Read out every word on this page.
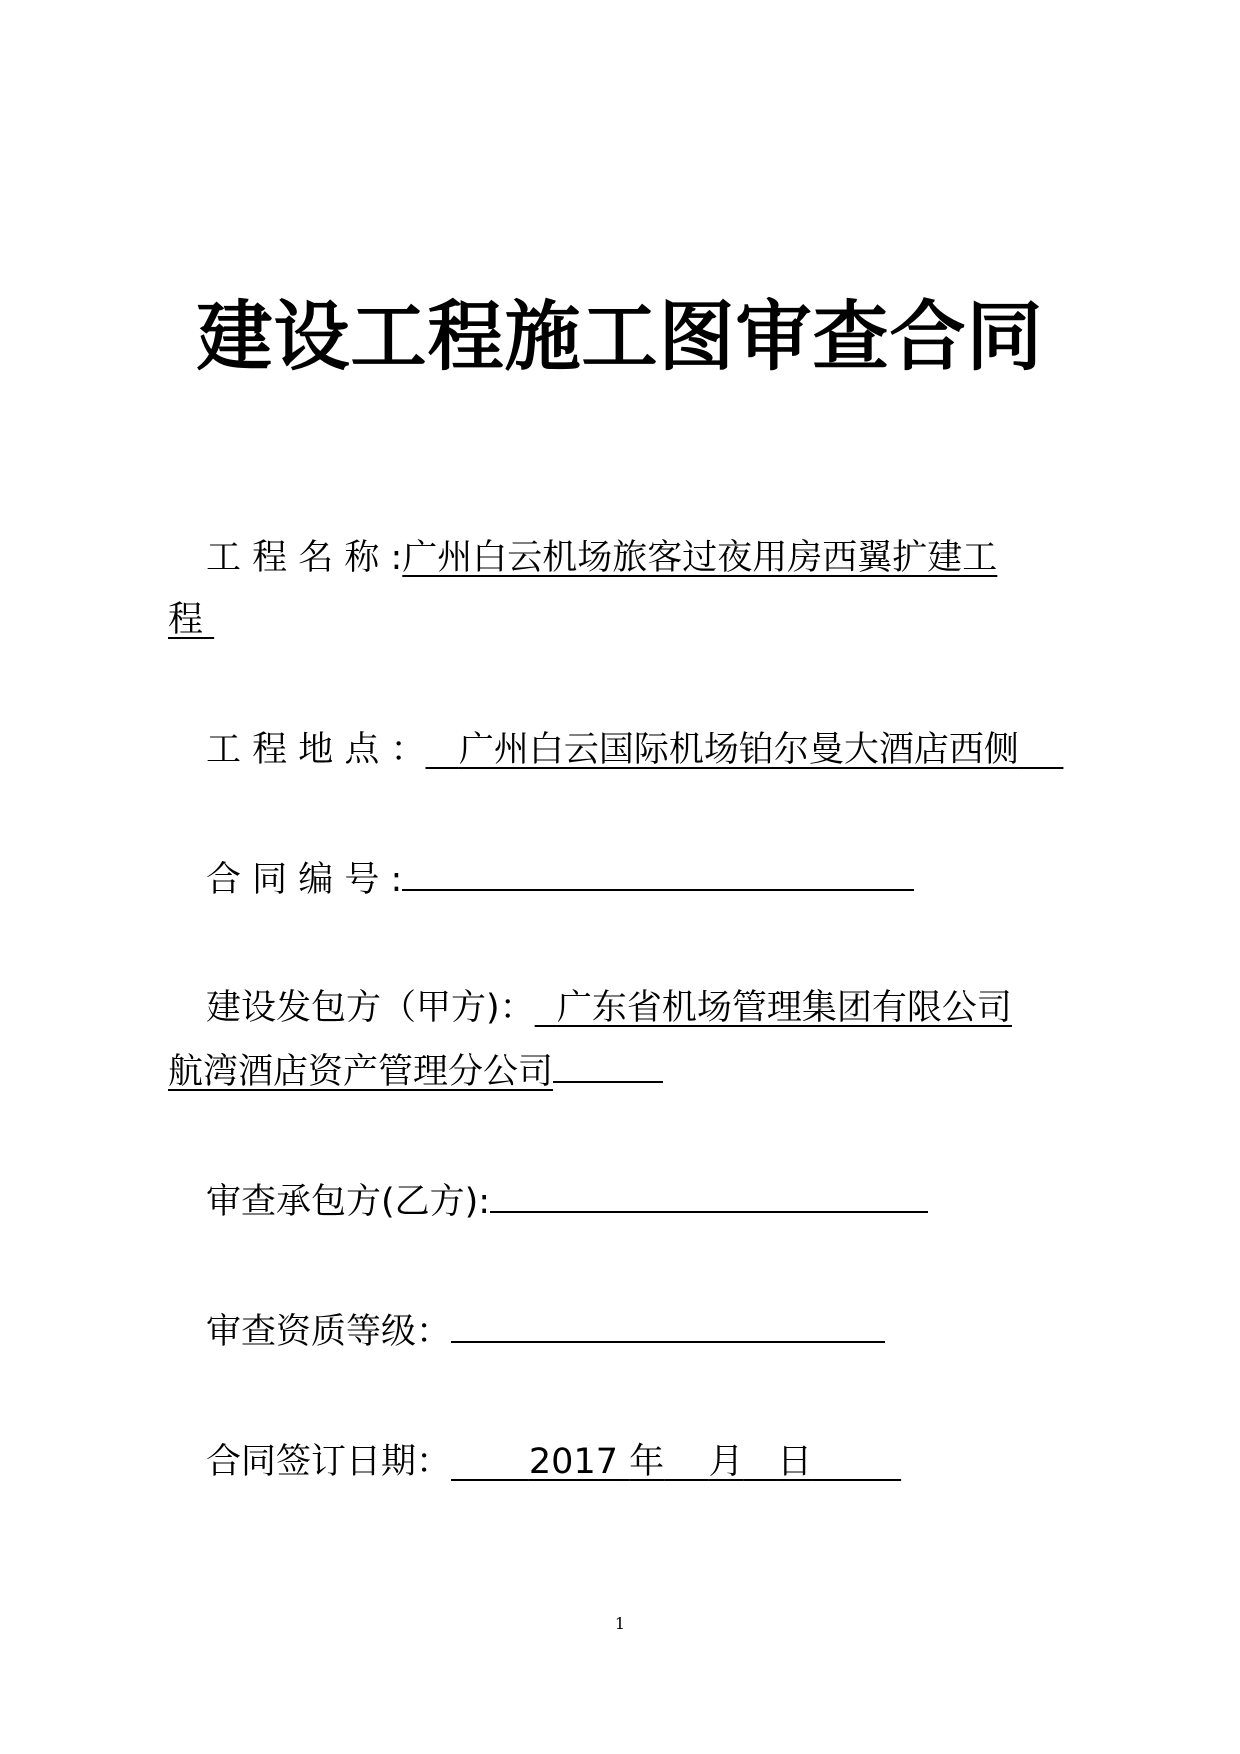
建设工程施工图审查合同
工 程 名 称 :广州白云机场旅客过夜用房西翼扩建工
程
工 程 地 点 ： 广州白云国际机场铂尔曼大酒店西侧
合 同 编 号 :
建设发包方（甲方)： 广东省机场管理集团有限公司
航湾酒店资产管理分公司
审查承包方(乙方):
审查资质等级：
合同签订日期： 2017 年 月 日
1
